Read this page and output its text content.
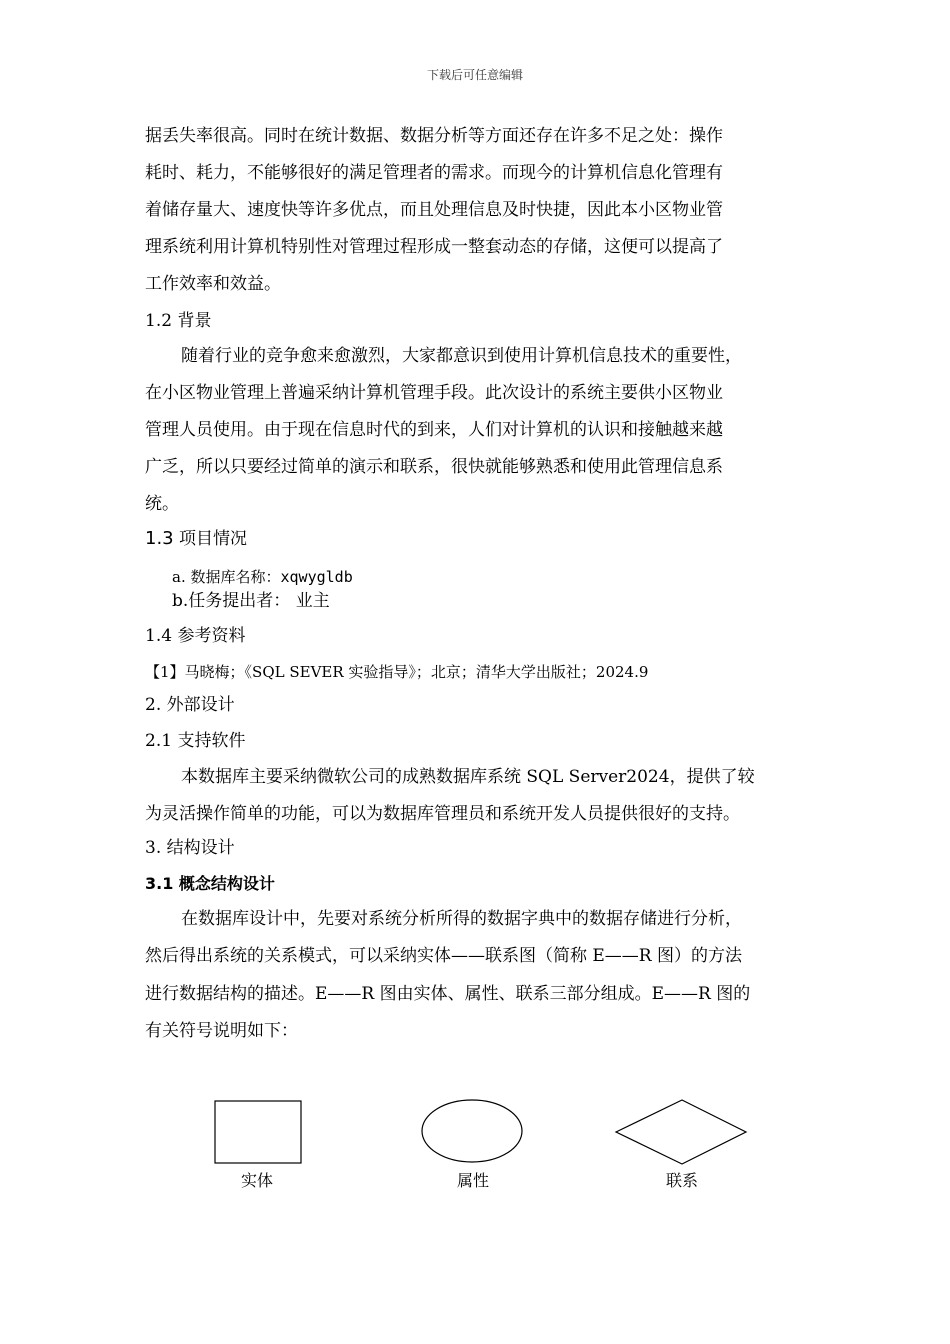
下载后可任意编辑
据丢失率很高。同时在统计数据、数据分析等方面还存在许多不足之处：操作
耗时、耗力，不能够很好的满足管理者的需求。而现今的计算机信息化管理有
着储存量大、速度快等许多优点，而且处理信息及时快捷，因此本小区物业管
理系统利用计算机特别性对管理过程形成一整套动态的存储，这便可以提高了
工作效率和效益。
1.2 背景
随着行业的竞争愈来愈激烈，大家都意识到使用计算机信息技术的重要性，
在小区物业管理上普遍采纳计算机管理手段。此次设计的系统主要供小区物业
管理人员使用。由于现在信息时代的到来，人们对计算机的认识和接触越来越
广乏，所以只要经过简单的演示和联系，很快就能够熟悉和使用此管理信息系
统。
1.3 项目情况
a. 数据库名称：xqwygldb
b.任务提出者： 业主
1.4 参考资料
【1】马晓梅；《SQL SEVER 实验指导》；北京；清华大学出版社；2024.9
2. 外部设计
2.1 支持软件
本数据库主要采纳微软公司的成熟数据库系统 SQL Server2024，提供了较
为灵活操作简单的功能，可以为数据库管理员和系统开发人员提供很好的支持。
3. 结构设计
3.1 概念结构设计
在数据库设计中，先要对系统分析所得的数据字典中的数据存储进行分析，
然后得出系统的关系模式，可以采纳实体——联系图（简称 E——R 图）的方法
进行数据结构的描述。E——R 图由实体、属性、联系三部分组成。E——R 图的
有关符号说明如下：
实体	属性	联系
